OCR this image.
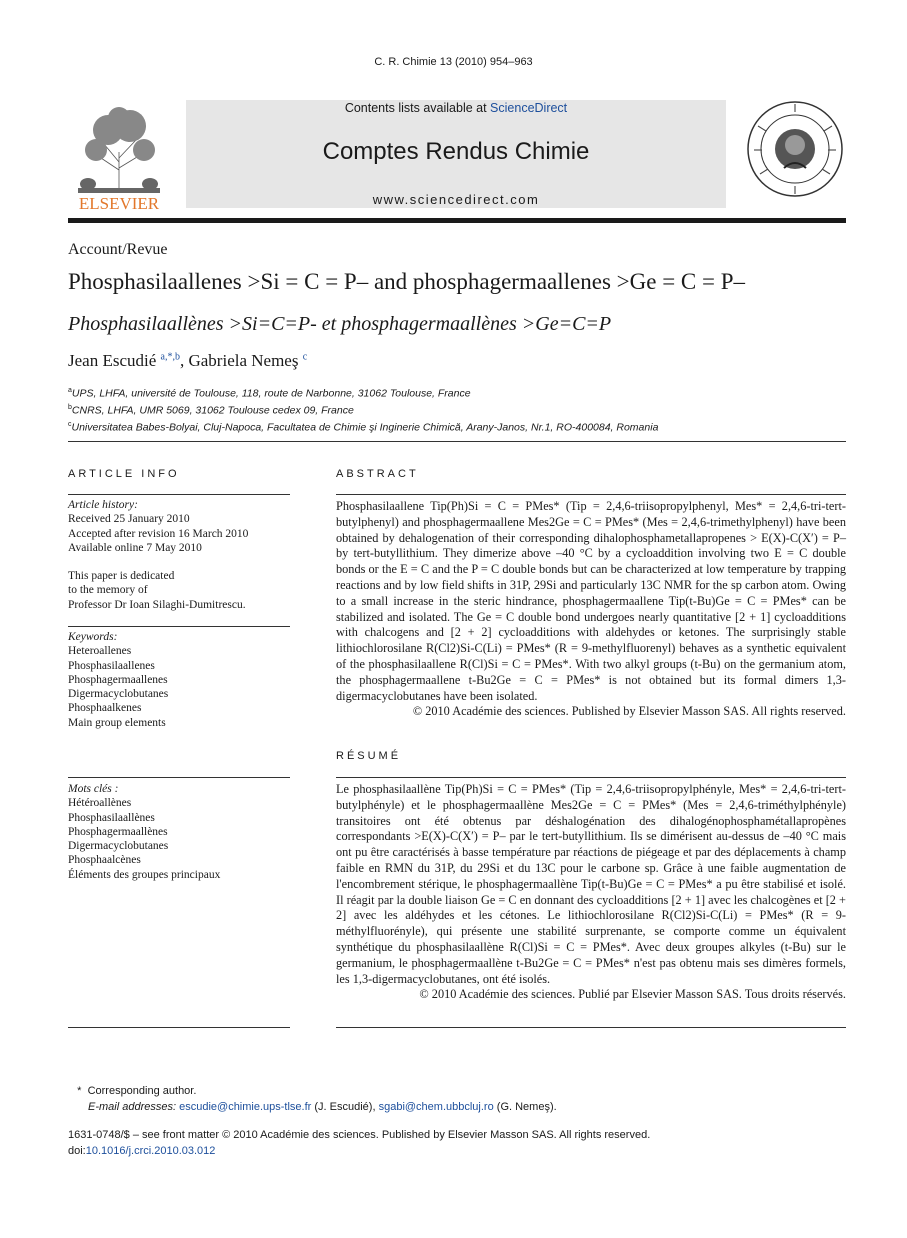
C. R. Chimie 13 (2010) 954–963
ELSEVIER
Contents lists available at ScienceDirect
Comptes Rendus Chimie
www.sciencedirect.com
Account/Revue
Phosphasilaallenes >Si = C = P– and phosphagermaallenes >Ge = C = P–
Phosphasilaallènes >Si=C=P- et phosphagermaallènes >Ge=C=P
Jean Escudié $^{a,*,b}$, Gabriela Nemeş $^c$
$^a$UPS, LHFA, université de Toulouse, 118, route de Narbonne, 31062 Toulouse, France
$^b$CNRS, LHFA, UMR 5069, 31062 Toulouse cedex 09, France
$^c$Universitatea Babes-Bolyai, Cluj-Napoca, Facultatea de Chimie şi Inginerie Chimică, Arany-Janos, Nr.1, RO-400084, Romania
ARTICLE INFO
Article history:
Received 25 January 2010
Accepted after revision 16 March 2010
Available online 7 May 2010
This paper is dedicated
to the memory of
Professor Dr Ioan Silaghi-Dumitrescu.
Keywords:
Heteroallenes
Phosphasilaallenes
Phosphagermaallenes
Digermacyclobutanes
Phosphaalkenes
Main group elements
Mots clés :
Hétéroallènes
Phosphasilaallènes
Phosphagermaallènes
Digermacyclobutanes
Phosphaalcènes
Éléments des groupes principaux
ABSTRACT

Phosphasilaallene Tip(Ph)Si = C = PMes* (Tip = 2,4,6-triisopropylphenyl, Mes* = 2,4,6-tri-tert-butylphenyl) and phosphagermaallene Mes2Ge = C = PMes* (Mes = 2,4,6-trimethylphenyl) have been obtained by dehalogenation of their corresponding dihalophosphametallapropenes > E(X)-C(X′) = P– by tert-butyllithium. They dimerize above –40 °C by a cycloaddition involving two E = C double bonds or the E = C and the P = C double bonds but can be characterized at low temperature by trapping reactions and by low field shifts in 31P, 29Si and particularly 13C NMR for the sp carbon atom. Owing to a small increase in the steric hindrance, phosphagermaallene Tip(t-Bu)Ge = C = PMes* can be stabilized and isolated. The Ge = C double bond undergoes nearly quantitative [2 + 1] cycloadditions with chalcogens and [2 + 2] cycloadditions with aldehydes or ketones. The surprisingly stable lithiochlorosilane R(Cl2)Si-C(Li) = PMes* (R = 9-methylfluorenyl) behaves as a synthetic equivalent of the phosphasilaallene R(Cl)Si = C = PMes*. With two alkyl groups (t-Bu) on the germanium atom, the phosphagermaallene t-Bu2Ge = C = PMes* is not obtained but its formal dimers 1,3-digermacyclobutanes have been isolated.

© 2010 Académie des sciences. Published by Elsevier Masson SAS. All rights reserved.

RÉSUMÉ

Le phosphasilaallène Tip(Ph)Si = C = PMes* (Tip = 2,4,6-triisopropylphényle, Mes* = 2,4,6-tri-tert-butylphényle) et le phosphagermaallène Mes2Ge = C = PMes* (Mes = 2,4,6-triméthylphényle) transitoires ont été obtenus par déshalogénation des dihalogénophosphamétallapropènes correspondants >E(X)-C(X′) = P– par le tert-butyllithium. Ils se dimérisent au-dessus de –40 °C mais ont pu être caractérisés à basse température par réactions de piégeage et par des déplacements à champ faible en RMN du 31P, du 29Si et du 13C pour le carbone sp. Grâce à une faible augmentation de l'encombrement stérique, le phosphagermaallène Tip(t-Bu)Ge = C = PMes* a pu être stabilisé et isolé. Il réagit par la double liaison Ge = C en donnant des cycloadditions [2 + 1] avec les chalcogènes et [2 + 2] avec les aldéhydes et les cétones. Le lithiochlorosilane R(Cl2)Si-C(Li) = PMes* (R = 9-méthylfluorényle), qui présente une stabilité surprenante, se comporte comme un équivalent synthétique du phosphasilaallène R(Cl)Si = C = PMes*. Avec deux groupes alkyles (t-Bu) sur le germanium, le phosphagermaallène t-Bu2Ge = C = PMes* n'est pas obtenu mais ses dimères formels, les 1,3-digermacyclobutanes, ont été isolés.

© 2010 Académie des sciences. Publié par Elsevier Masson SAS. Tous droits réservés.

*  Corresponding author.
E-mail addresses: escudie@chimie.ups-tlse.fr (J. Escudié), sgabi@chem.ubbcluj.ro (G. Nemeş).
1631-0748/$ – see front matter © 2010 Académie des sciences. Published by Elsevier Masson SAS. All rights reserved.
doi:10.1016/j.crci.2010.03.012
